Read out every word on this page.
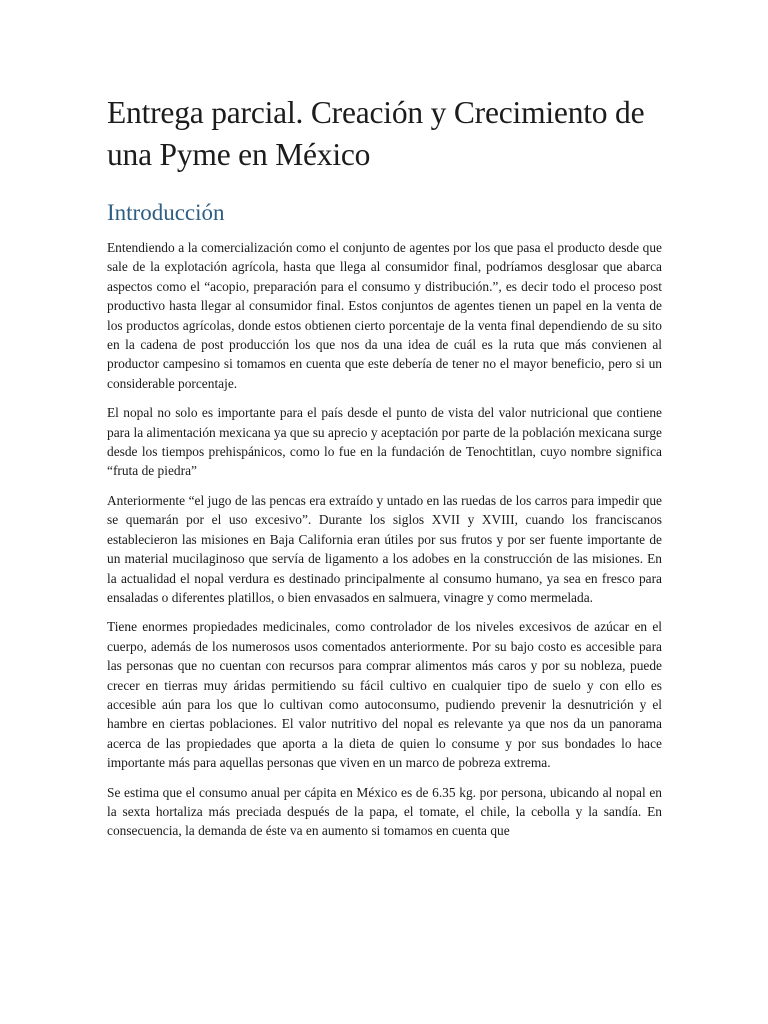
Entrega parcial. Creación y Crecimiento de una Pyme en México
Introducción

Entendiendo a la comercialización como el conjunto de agentes por los que pasa el producto desde que sale de la explotación agrícola, hasta que llega al consumidor final, podríamos desglosar que abarca aspectos como el “acopio, preparación para el consumo y distribución.”, es decir todo el proceso post productivo hasta llegar al consumidor final. Estos conjuntos de agentes tienen un papel en la venta de los productos agrícolas, donde estos obtienen cierto porcentaje de la venta final dependiendo de su sito en la cadena de post producción los que nos da una idea de cuál es la ruta que más convienen al productor campesino si tomamos en cuenta que este debería de tener no el mayor beneficio, pero si un considerable porcentaje.

El nopal no solo es importante para el país desde el punto de vista del valor nutricional que contiene para la alimentación mexicana ya que su aprecio y aceptación por parte de la población mexicana surge desde los tiempos prehispánicos, como lo fue en la fundación de Tenochtitlan, cuyo nombre significa “fruta de piedra”

Anteriormente “el jugo de las pencas era extraído y untado en las ruedas de los carros para impedir que se quemarán por el uso excesivo”. Durante los siglos XVII y XVIII, cuando los franciscanos establecieron las misiones en Baja California eran útiles por sus frutos y por ser fuente importante de un material mucilaginoso que servía de ligamento a los adobes en la construcción de las misiones. En la actualidad el nopal verdura es destinado principalmente al consumo humano, ya sea en fresco para ensaladas o diferentes platillos, o bien envasados en salmuera, vinagre y como mermelada.

Tiene enormes propiedades medicinales, como controlador de los niveles excesivos de azúcar en el cuerpo, además de los numerosos usos comentados anteriormente. Por su bajo costo es accesible para las personas que no cuentan con recursos para comprar alimentos más caros y por su nobleza, puede crecer en tierras muy áridas permitiendo su fácil cultivo en cualquier tipo de suelo y con ello es accesible aún para los que lo cultivan como autoconsumo, pudiendo prevenir la desnutrición y el hambre en ciertas poblaciones. El valor nutritivo del nopal es relevante ya que nos da un panorama acerca de las propiedades que aporta a la dieta de quien lo consume y por sus bondades lo hace importante más para aquellas personas que viven en un marco de pobreza extrema.

Se estima que el consumo anual per cápita en México es de 6.35 kg. por persona, ubicando al nopal en la sexta hortaliza más preciada después de la papa, el tomate, el chile, la cebolla y la sandía. En consecuencia, la demanda de éste va en aumento si tomamos en cuenta que
